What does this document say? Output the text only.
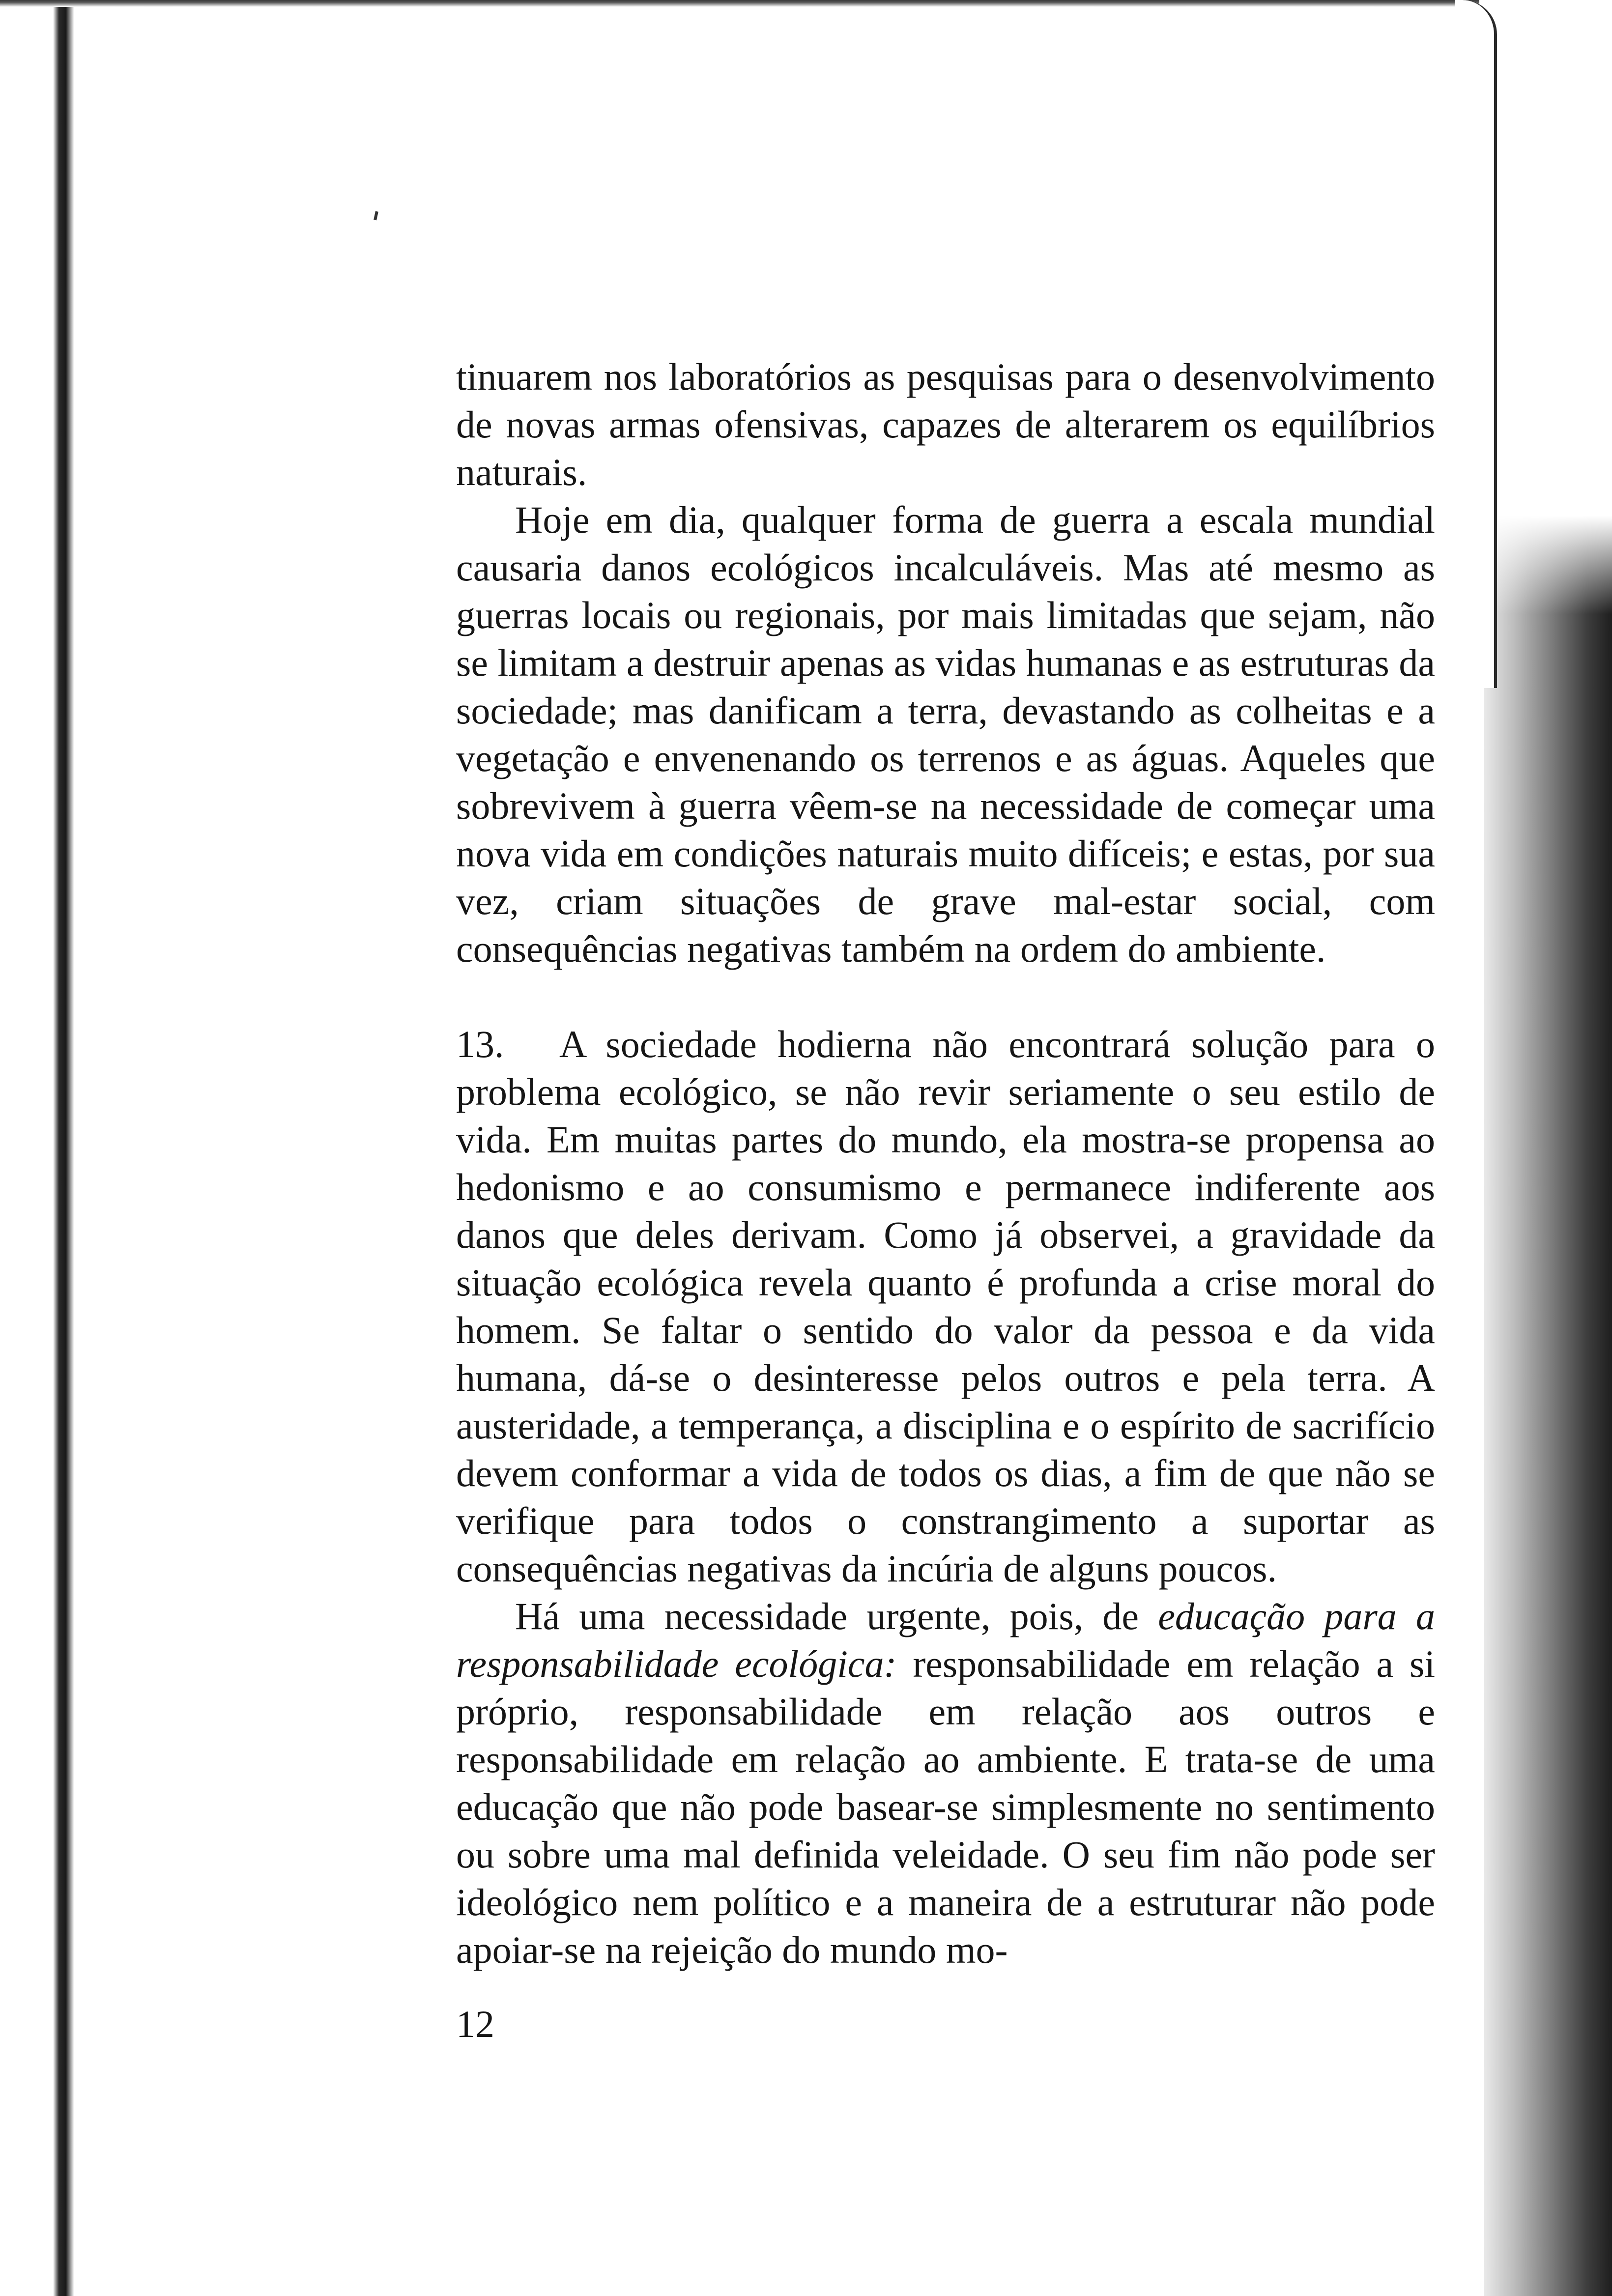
tinuarem nos laboratórios as pesquisas para o desenvolvimento de novas armas ofensivas, capazes de alterarem os equilíbrios naturais.

Hoje em dia, qualquer forma de guerra a escala mundial causaria danos ecológicos incalculáveis. Mas até mesmo as guerras locais ou regionais, por mais limitadas que sejam, não se limitam a destruir apenas as vidas humanas e as estruturas da sociedade; mas danificam a terra, devastando as colheitas e a vegetação e envenenando os terrenos e as águas. Aqueles que sobrevivem à guerra vêem-se na necessidade de começar uma nova vida em condições naturais muito difíceis; e estas, por sua vez, criam situações de grave mal-estar social, com consequências negativas também na ordem do ambiente.

13. A sociedade hodierna não encontrará solução para o problema ecológico, se não revir seriamente o seu estilo de vida. Em muitas partes do mundo, ela mostra-se propensa ao hedonismo e ao consumismo e permanece indiferente aos danos que deles derivam. Como já observei, a gravidade da situação ecológica revela quanto é profunda a crise moral do homem. Se faltar o sentido do valor da pessoa e da vida humana, dá-se o desinteresse pelos outros e pela terra. A austeridade, a temperança, a disciplina e o espírito de sacrifício devem conformar a vida de todos os dias, a fim de que não se verifique para todos o constrangimento a suportar as consequências negativas da incúria de alguns poucos.

Há uma necessidade urgente, pois, de educação para a responsabilidade ecológica: responsabilidade em relação a si próprio, responsabilidade em relação aos outros e responsabilidade em relação ao ambiente. E trata-se de uma educação que não pode basear-se simplesmente no sentimento ou sobre uma mal definida veleidade. O seu fim não pode ser ideológico nem político e a maneira de a estruturar não pode apoiar-se na rejeição do mundo mo-

12
